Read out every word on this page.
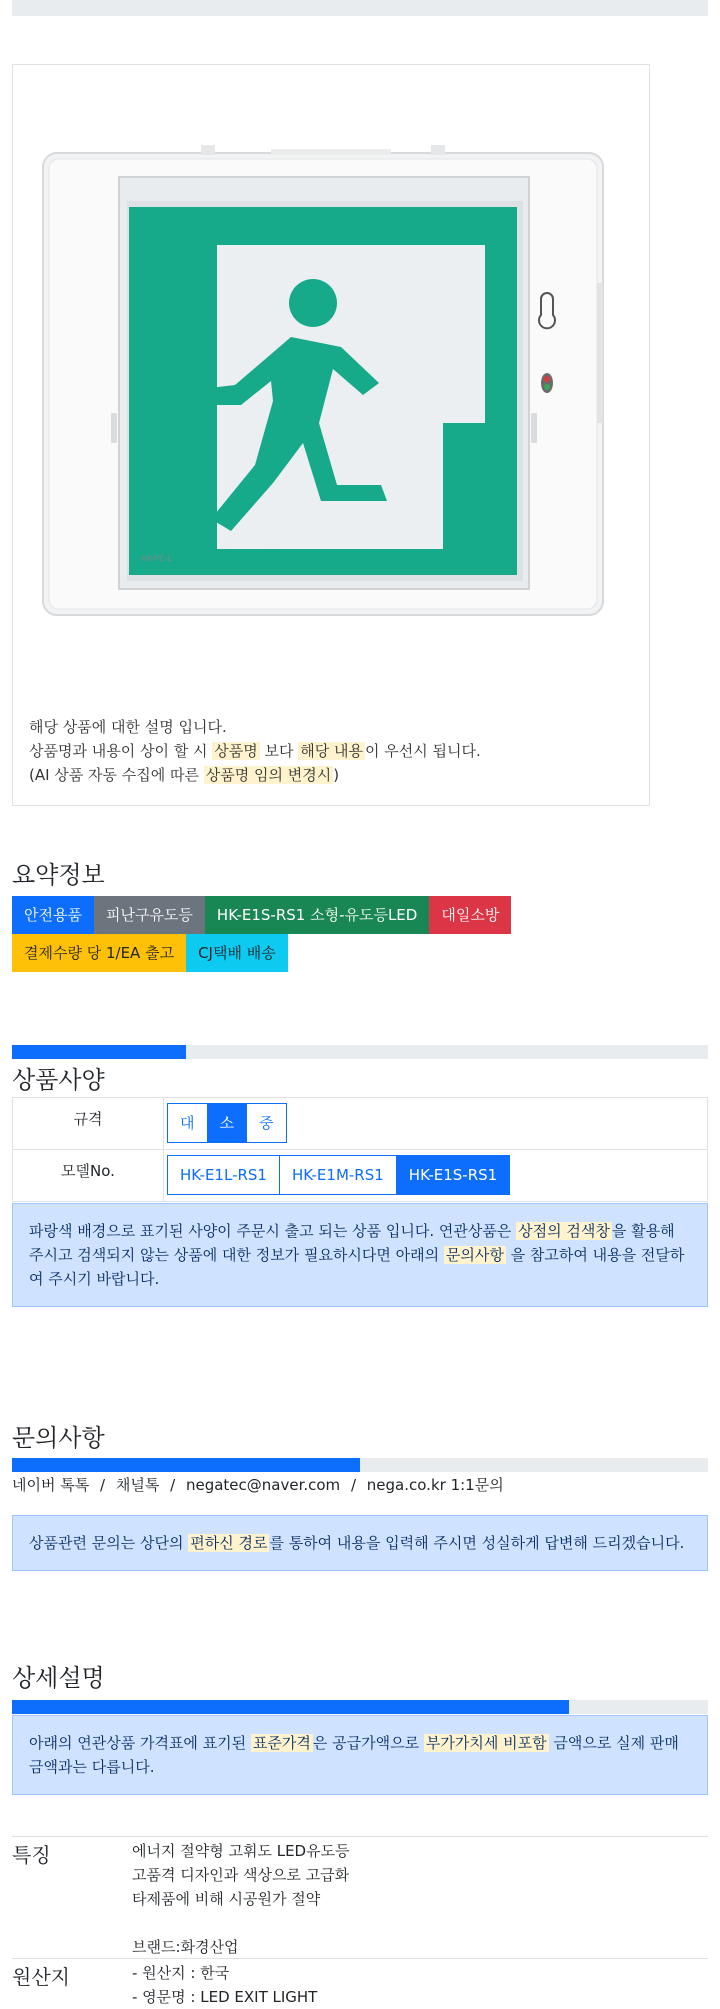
HK-PC-L
해당 상품에 대한 설명 입니다.
상품명과 내용이 상이 할 시 상품명 보다 해당 내용 이 우선시 됩니다.
(AI 상품 자동 수집에 따른 상품명 임의 변경시 )
요약정보
안전용품	피난구유도등	HK-E1S-RS1 소형-유도등LED	대일소방
결제수량 당 1/EA 출고	CJ택배 배송
상품사양
규격	대 소 중

모델No.	HK-E1L-RS1 HK-E1M-RS1 HK-E1S-RS1
파랑색 배경으로 표기된 사양이 주문시 출고 되는 상품 입니다. 연관상품은 상점의 검색창 을 활용해 주시고 검색되지 않는 상품에 대한 정보가 필요하시다면 아래의 문의사항 을 참고하여 내용을 전달하여 주시기 바랍니다.
문의사항
네이버 톡톡 / 채널톡 / negatec@naver.com / nega.co.kr 1:1문의
상품관련 문의는 상단의 편하신 경로 를 통하여 내용을 입력해 주시면 성실하게 답변해 드리겠습니다.
상세설명
아래의 연관상품 가격표에 표기된 표준가격 은 공급가액으로 부가가치세 비포함 금액으로 실제 판매금액과는 다릅니다.
특징	에너지 절약형 고휘도 LED유도등
고품격 디자인과 색상으로 고급화
타제품에 비해 시공원가 절약
브랜드:화경산업
원산지	- 원산지 : 한국
- 영문명 : LED EXIT LIGHT
